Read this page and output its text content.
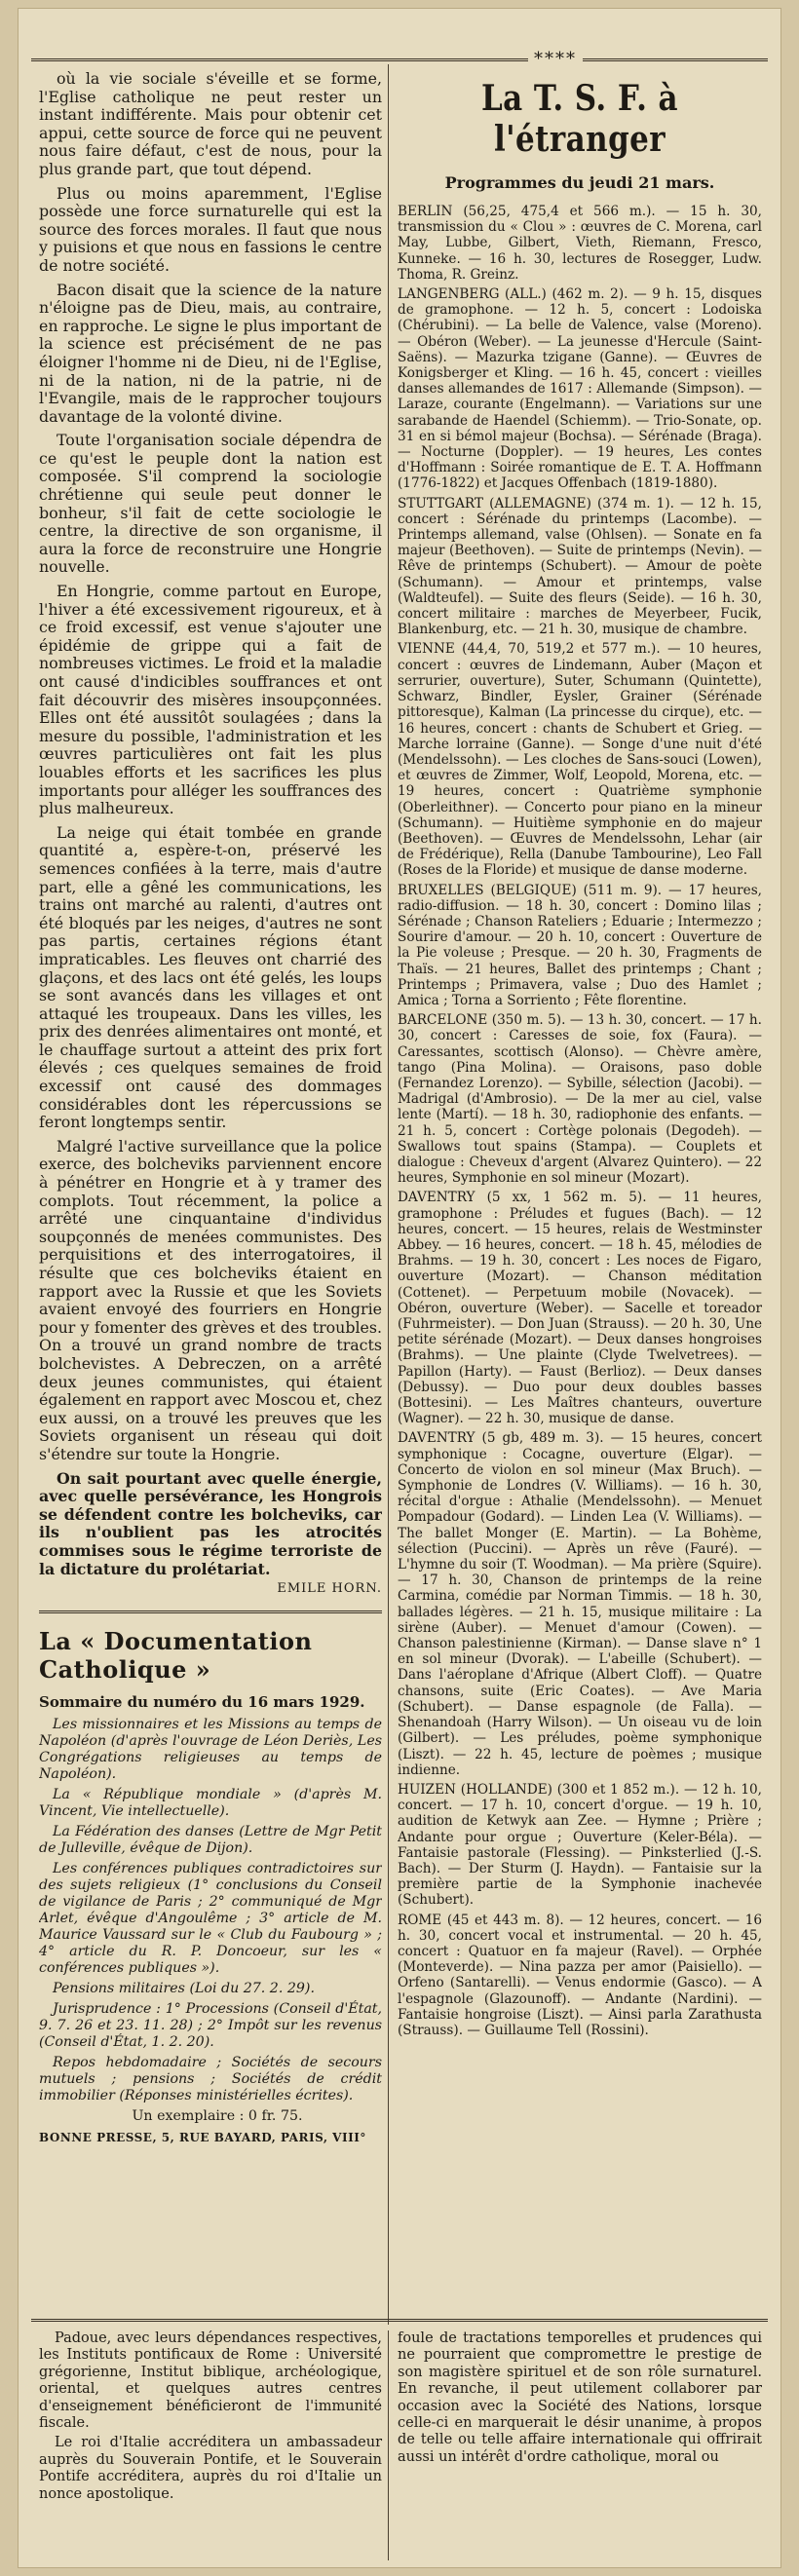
****

où la vie sociale s'éveille et se forme, l'Eglise catholique ne peut rester un instant indifférente. Mais pour obtenir cet appui, cette source de force qui ne peuvent nous faire défaut, c'est de nous, pour la plus grande part, que tout dépend.

Plus ou moins aparemment, l'Eglise possède une force surnaturelle qui est la source des forces morales. Il faut que nous y puisions et que nous en fassions le centre de notre société.

Bacon disait que la science de la nature n'éloigne pas de Dieu, mais, au contraire, en rapproche. Le signe le plus important de la science est précisément de ne pas éloigner l'homme ni de Dieu, ni de l'Eglise, ni de la nation, ni de la patrie, ni de l'Evangile, mais de le rapprocher toujours davantage de la volonté divine.

Toute l'organisation sociale dépendra de ce qu'est le peuple dont la nation est composée. S'il comprend la sociologie chrétienne qui seule peut donner le bonheur, s'il fait de cette sociologie le centre, la directive de son organisme, il aura la force de reconstruire une Hongrie nouvelle.

En Hongrie, comme partout en Europe, l'hiver a été excessivement rigoureux, et à ce froid excessif, est venue s'ajouter une épidémie de grippe qui a fait de nombreuses victimes. Le froid et la maladie ont causé d'indicibles souffrances et ont fait découvrir des misères insoupçonnées. Elles ont été aussitôt soulagées ; dans la mesure du possible, l'administration et les œuvres particulières ont fait les plus louables efforts et les sacrifices les plus importants pour alléger les souffrances des plus malheureux.

La neige qui était tombée en grande quantité a, espère-t-on, préservé les semences confiées à la terre, mais d'autre part, elle a gêné les communications, les trains ont marché au ralenti, d'autres ont été bloqués par les neiges, d'autres ne sont pas partis, certaines régions étant impraticables. Les fleuves ont charrié des glaçons, et des lacs ont été gelés, les loups se sont avancés dans les villages et ont attaqué les troupeaux. Dans les villes, les prix des denrées alimentaires ont monté, et le chauffage surtout a atteint des prix fort élevés ; ces quelques semaines de froid excessif ont causé des dommages considérables dont les répercussions se feront longtemps sentir.

Malgré l'active surveillance que la police exerce, des bolcheviks parviennent encore à pénétrer en Hongrie et à y tramer des complots. Tout récemment, la police a arrêté une cinquantaine d'individus soupçonnés de menées communistes. Des perquisitions et des interrogatoires, il résulte que ces bolcheviks étaient en rapport avec la Russie et que les Soviets avaient envoyé des fourriers en Hongrie pour y fomenter des grèves et des troubles. On a trouvé un grand nombre de tracts bolchevistes. A Debreczen, on a arrêté deux jeunes communistes, qui étaient également en rapport avec Moscou et, chez eux aussi, on a trouvé les preuves que les Soviets organisent un réseau qui doit s'étendre sur toute la Hongrie.

On sait pourtant avec quelle énergie, avec quelle persévérance, les Hongrois se défendent contre les bolcheviks, car ils n'oublient pas les atrocités commises sous le régime terroriste de la dictature du prolétariat.

EMILE HORN.
La « Documentation Catholique »
Sommaire du numéro du 16 mars 1929.

Les missionnaires et les Missions au temps de Napoléon (d'après l'ouvrage de Léon Deriès, Les Congrégations religieuses au temps de Napoléon).

La « République mondiale » (d'après M. Vincent, Vie intellectuelle).

La Fédération des danses (Lettre de Mgr Petit de Julleville, évêque de Dijon).

Les conférences publiques contradictoires sur des sujets religieux (1° conclusions du Conseil de vigilance de Paris ; 2° communiqué de Mgr Arlet, évêque d'Angoulême ; 3° article de M. Maurice Vaussard sur le « Club du Faubourg » ; 4° article du R. P. Doncoeur, sur les « conférences publiques »).

Pensions militaires (Loi du 27. 2. 29).

Jurisprudence : 1° Processions (Conseil d'État, 9. 7. 26 et 23. 11. 28) ; 2° Impôt sur les revenus (Conseil d'État, 1. 2. 20).

Repos hebdomadaire ; Sociétés de secours mutuels ; pensions ; Sociétés de crédit immobilier (Réponses ministérielles écrites).

Un exemplaire : 0 fr. 75.

BONNE PRESSE, 5, RUE BAYARD, PARIS, VIII°
La T. S. F. à l'étranger
Programmes du jeudi 21 mars.

BERLIN (56,25, 475,4 et 566 m.). — 15 h. 30, transmission du « Clou » : œuvres de C. Morena, carl May, Lubbe, Gilbert, Vieth, Riemann, Fresco, Kunneke. — 16 h. 30, lectures de Rosegger, Ludw. Thoma, R. Greinz.

LANGENBERG (ALL.) (462 m. 2). — 9 h. 15, disques de gramophone. — 12 h. 5, concert : Lodoiska (Chérubini). — La belle de Valence, valse (Moreno). — Obéron (Weber). — La jeunesse d'Hercule (Saint-Saëns). — Mazurka tzigane (Ganne). — Œuvres de Konigsberger et Kling. — 16 h. 45, concert : vieilles danses allemandes de 1617 : Allemande (Simpson). — Laraze, courante (Engelmann). — Variations sur une sarabande de Haendel (Schiemm). — Trio-Sonate, op. 31 en si bémol majeur (Bochsa). — Sérénade (Braga). — Nocturne (Doppler). — 19 heures, Les contes d'Hoffmann : Soirée romantique de E. T. A. Hoffmann (1776-1822) et Jacques Offenbach (1819-1880).

STUTTGART (ALLEMAGNE) (374 m. 1). — 12 h. 15, concert : Sérénade du printemps (Lacombe). — Printemps allemand, valse (Ohlsen). — Sonate en fa majeur (Beethoven). — Suite de printemps (Nevin). — Rêve de printemps (Schubert). — Amour de poète (Schumann). — Amour et printemps, valse (Waldteufel). — Suite des fleurs (Seide). — 16 h. 30, concert militaire : marches de Meyerbeer, Fucik, Blankenburg, etc. — 21 h. 30, musique de chambre.

VIENNE (44,4, 70, 519,2 et 577 m.). — 10 heures, concert : œuvres de Lindemann, Auber (Maçon et serrurier, ouverture), Suter, Schumann (Quintette), Schwarz, Bindler, Eysler, Grainer (Sérénade pittoresque), Kalman (La princesse du cirque), etc. — 16 heures, concert : chants de Schubert et Grieg. — Marche lorraine (Ganne). — Songe d'une nuit d'été (Mendelssohn). — Les cloches de Sans-souci (Lowen), et œuvres de Zimmer, Wolf, Leopold, Morena, etc. — 19 heures, concert : Quatrième symphonie (Oberleithner). — Concerto pour piano en la mineur (Schumann). — Huitième symphonie en do majeur (Beethoven). — Œuvres de Mendelssohn, Lehar (air de Frédérique), Rella (Danube Tambourine), Leo Fall (Roses de la Floride) et musique de danse moderne.

BRUXELLES (BELGIQUE) (511 m. 9). — 17 heures, radio-diffusion. — 18 h. 30, concert : Domino lilas ; Sérénade ; Chanson Rateliers ; Eduarie ; Intermezzo ; Sourire d'amour. — 20 h. 10, concert : Ouverture de la Pie voleuse ; Presque. — 20 h. 30, Fragments de Thaïs. — 21 heures, Ballet des printemps ; Chant ; Printemps ; Primavera, valse ; Duo des Hamlet ; Amica ; Torna a Sorriento ; Fête florentine.

BARCELONE (350 m. 5). — 13 h. 30, concert. — 17 h. 30, concert : Caresses de soie, fox (Faura). — Caressantes, scottisch (Alonso). — Chèvre amère, tango (Pina Molina). — Oraisons, paso doble (Fernandez Lorenzo). — Sybille, sélection (Jacobi). — Madrigal (d'Ambrosio). — De la mer au ciel, valse lente (Martí). — 18 h. 30, radiophonie des enfants. — 21 h. 5, concert : Cortège polonais (Degodeh). — Swallows tout spains (Stampa). — Couplets et dialogue : Cheveux d'argent (Alvarez Quintero). — 22 heures, Symphonie en sol mineur (Mozart).

DAVENTRY (5 xx, 1 562 m. 5). — 11 heures, gramophone : Préludes et fugues (Bach). — 12 heures, concert. — 15 heures, relais de Westminster Abbey. — 16 heures, concert. — 18 h. 45, mélodies de Brahms. — 19 h. 30, concert : Les noces de Figaro, ouverture (Mozart). — Chanson méditation (Cottenet). — Perpetuum mobile (Novacek). — Obéron, ouverture (Weber). — Sacelle et toreador (Fuhrmeister). — Don Juan (Strauss). — 20 h. 30, Une petite sérénade (Mozart). — Deux danses hongroises (Brahms). — Une plainte (Clyde Twelvetrees). — Papillon (Harty). — Faust (Berlioz). — Deux danses (Debussy). — Duo pour deux doubles basses (Bottesini). — Les Maîtres chanteurs, ouverture (Wagner). — 22 h. 30, musique de danse.

DAVENTRY (5 gb, 489 m. 3). — 15 heures, concert symphonique : Cocagne, ouverture (Elgar). — Concerto de violon en sol mineur (Max Bruch). — Symphonie de Londres (V. Williams). — 16 h. 30, récital d'orgue : Athalie (Mendelssohn). — Menuet Pompadour (Godard). — Linden Lea (V. Williams). — The ballet Monger (E. Martin). — La Bohème, sélection (Puccini). — Après un rêve (Fauré). — L'hymne du soir (T. Woodman). — Ma prière (Squire). — 17 h. 30, Chanson de printemps de la reine Carmina, comédie par Norman Timmis. — 18 h. 30, ballades légères. — 21 h. 15, musique militaire : La sirène (Auber). — Menuet d'amour (Cowen). — Chanson palestinienne (Kirman). — Danse slave n° 1 en sol mineur (Dvorak). — L'abeille (Schubert). — Dans l'aéroplane d'Afrique (Albert Cloff). — Quatre chansons, suite (Eric Coates). — Ave Maria (Schubert). — Danse espagnole (de Falla). — Shenandoah (Harry Wilson). — Un oiseau vu de loin (Gilbert). — Les préludes, poème symphonique (Liszt). — 22 h. 45, lecture de poèmes ; musique indienne.

HUIZEN (HOLLANDE) (300 et 1 852 m.). — 12 h. 10, concert. — 17 h. 10, concert d'orgue. — 19 h. 10, audition de Ketwyk aan Zee. — Hymne ; Prière ; Andante pour orgue ; Ouverture (Keler-Béla). — Fantaisie pastorale (Flessing). — Pinksterlied (J.-S. Bach). — Der Sturm (J. Haydn). — Fantaisie sur la première partie de la Symphonie inachevée (Schubert).

ROME (45 et 443 m. 8). — 12 heures, concert. — 16 h. 30, concert vocal et instrumental. — 20 h. 45, concert : Quatuor en fa majeur (Ravel). — Orphée (Monteverde). — Nina pazza per amor (Paisiello). — Orfeno (Santarelli). — Venus endormie (Gasco). — A l'espagnole (Glazounoff). — Andante (Nardini). — Fantaisie hongroise (Liszt). — Ainsi parla Zarathusta (Strauss). — Guillaume Tell (Rossini).

Padoue, avec leurs dépendances respectives, les Instituts pontificaux de Rome : Université grégorienne, Institut biblique, archéologique, oriental, et quelques autres centres d'enseignement bénéficieront de l'immunité fiscale.

Le roi d'Italie accréditera un ambassadeur auprès du Souverain Pontife, et le Souverain Pontife accréditera, auprès du roi d'Italie un nonce apostolique.

foule de tractations temporelles et prudences qui ne pourraient que compromettre le prestige de son magistère spirituel et de son rôle surnaturel. En revanche, il peut utilement collaborer par occasion avec la Société des Nations, lorsque celle-ci en marquerait le désir unanime, à propos de telle ou telle affaire internationale qui offrirait aussi un intérêt d'ordre catholique, moral ou
